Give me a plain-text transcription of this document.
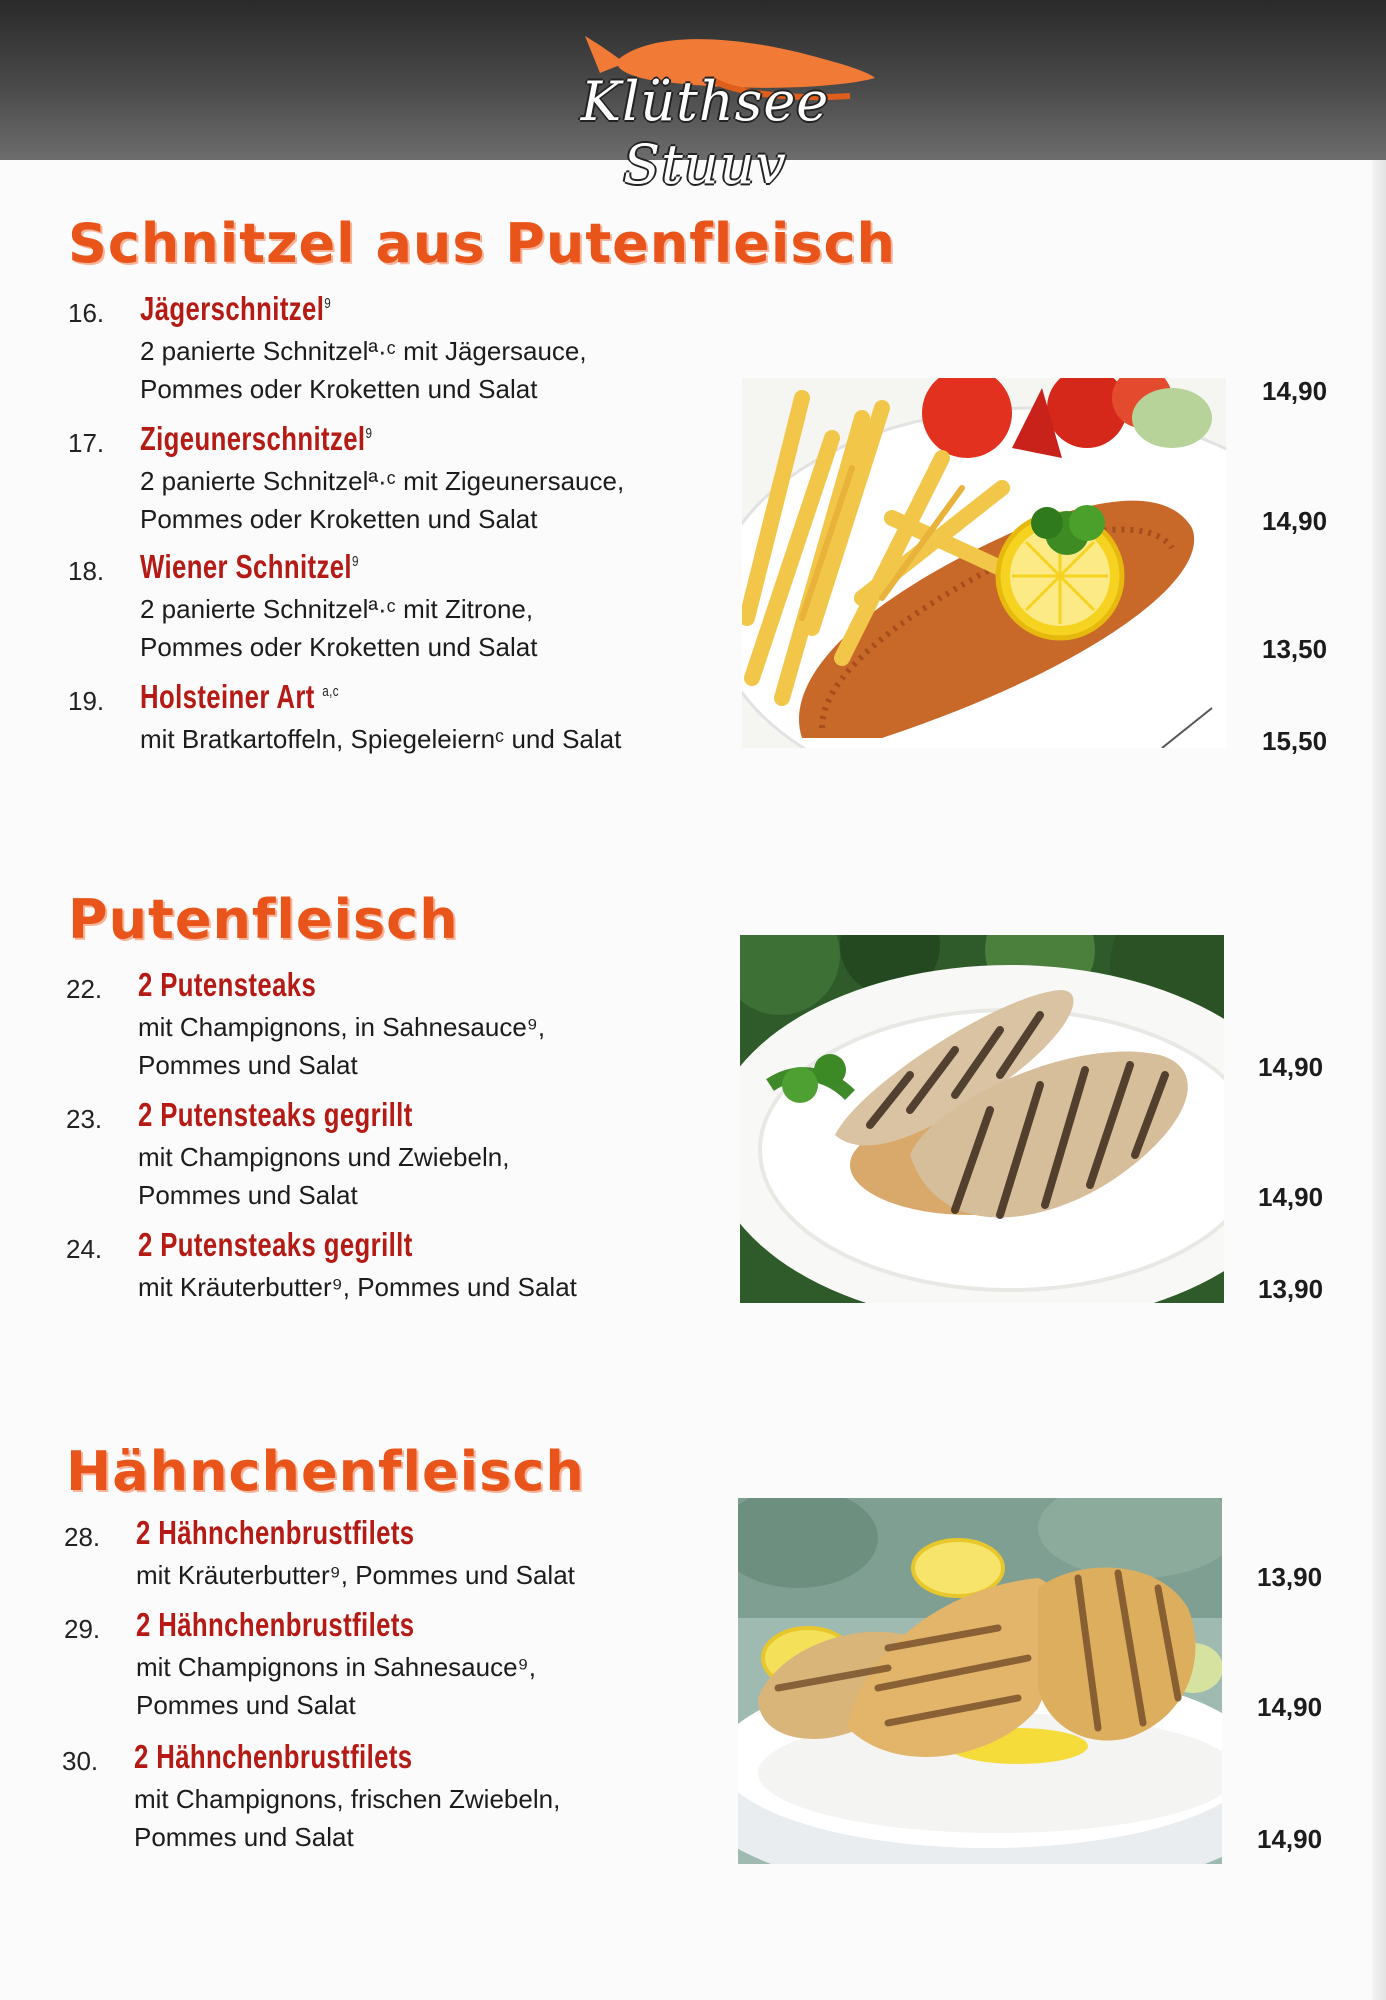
Klüthsee Stuuv
Schnitzel aus Putenfleisch
16. Jägerschnitzel$^9$
2 panierte Schnitzelª·ᶜ mit Jägersauce,
Pommes oder Kroketten und Salat	14,90
17. Zigeunerschnitzel$^9$
2 panierte Schnitzelª·ᶜ mit Zigeunersauce,
Pommes oder Kroketten und Salat	14,90
18. Wiener Schnitzel$^9$
2 panierte Schnitzelª·ᶜ mit Zitrone,
Pommes oder Kroketten und Salat	13,50
19. Holsteiner Art $^{a,c}$
mit Bratkartoffeln, Spiegeleiernᶜ und Salat	15,50
Putenfleisch
22. 2 Putensteaks
mit Champignons, in Sahnesauce⁹,
Pommes und Salat	14,90
23. 2 Putensteaks gegrillt
mit Champignons und Zwiebeln,
Pommes und Salat	14,90
24. 2 Putensteaks gegrillt
mit Kräuterbutter⁹, Pommes und Salat	13,90
Hähnchenfleisch
28. 2 Hähnchenbrustfilets
mit Kräuterbutter⁹, Pommes und Salat	13,90
29. 2 Hähnchenbrustfilets
mit Champignons in Sahnesauce⁹,
Pommes und Salat	14,90
30. 2 Hähnchenbrustfilets
mit Champignons, frischen Zwiebeln,
Pommes und Salat	14,90
